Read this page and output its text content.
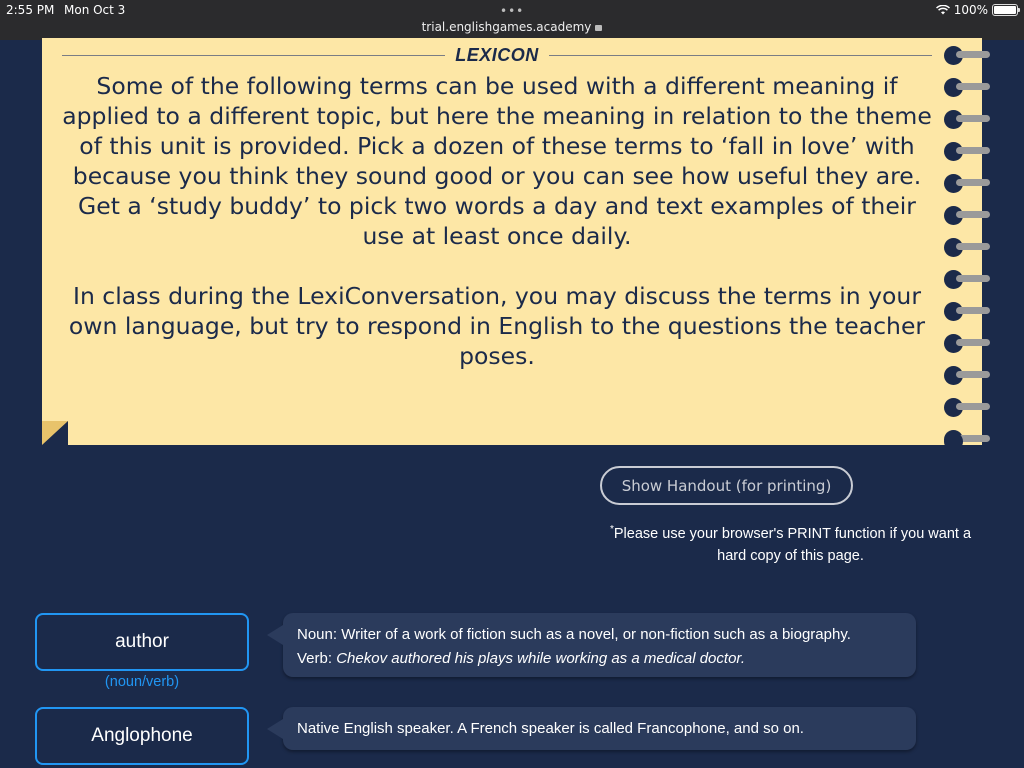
2:55 PM Mon Oct 3	•••
trial.englishgames.academy
100%
LEXICON

Some of the following terms can be used with a different meaning if applied to a different topic, but here the meaning in relation to the theme of this unit is provided. Pick a dozen of these terms to ‘fall in love’ with because you think they sound good or you can see how useful they are. Get a ‘study buddy’ to pick two words a day and text examples of their use at least once daily.

In class during the LexiConversation, you may discuss the terms in your own language, but try to respond in English to the questions the teacher poses.

Show Handout (for printing)
*Please use your browser's PRINT function if you want a hard copy of this page.
author
(noun/verb)
Noun: Writer of a work of fiction such as a novel, or non-fiction such as a biography.
Verb: Chekov authored his plays while working as a medical doctor.
Anglophone	Native English speaker. A French speaker is called Francophone, and so on.
